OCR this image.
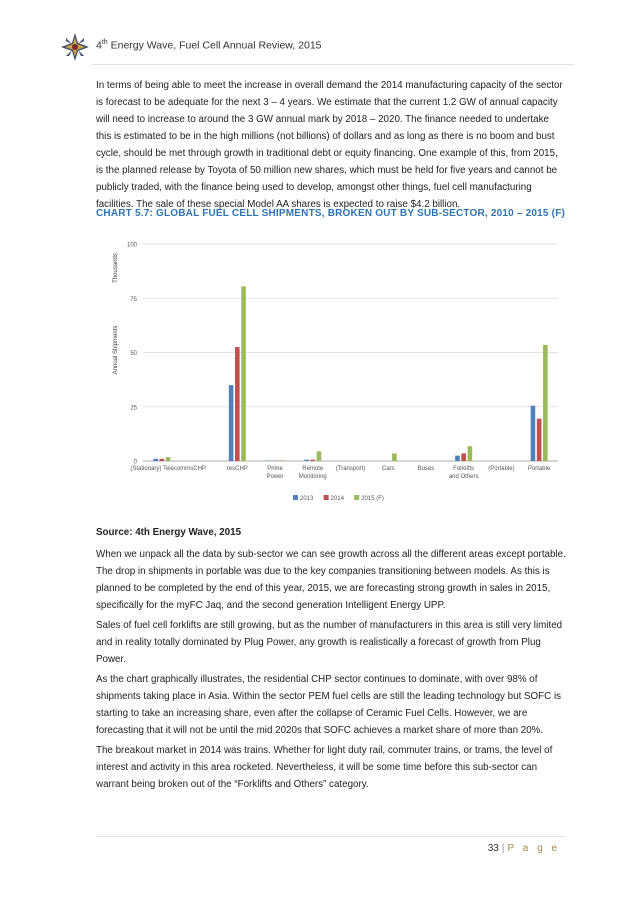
4th Energy Wave, Fuel Cell Annual Review, 2015
In terms of being able to meet the increase in overall demand the 2014 manufacturing capacity of the sector is forecast to be adequate for the next 3 – 4 years. We estimate that the current 1.2 GW of annual capacity will need to increase to around the 3 GW annual mark by 2018 – 2020. The finance needed to undertake this is estimated to be in the high millions (not billions) of dollars and as long as there is no boom and bust cycle, should be met through growth in traditional debt or equity financing. One example of this, from 2015, is the planned release by Toyota of 50 million new shares, which must be held for five years and cannot be publicly traded, with the finance being used to develop, amongst other things, fuel cell manufacturing facilities. The sale of these special Model AA shares is expected to raise $4.2 billion.
CHART 5.7: GLOBAL FUEL CELL SHIPMENTS, BROKEN OUT BY SUB-SECTOR, 2010 – 2015 (F)
0
25
50
75
100
Thousands
Annual Shipments
(Stationary) Telecomms CHP	resCHP	Prime
Power
Remote
Monitoring
(Transport)	Cars	Buses	Forklifts
and Others
(Portable) Portable
2013	2014	2015 (F)
Source: 4th Energy Wave, 2015
When we unpack all the data by sub-sector we can see growth across all the different areas except portable. The drop in shipments in portable was due to the key companies transitioning between models. As this is planned to be completed by the end of this year, 2015, we are forecasting strong growth in sales in 2015, specifically for the myFC Jaq, and the second generation Intelligent Energy UPP.
Sales of fuel cell forklifts are still growing, but as the number of manufacturers in this area is still very limited and in reality totally dominated by Plug Power, any growth is realistically a forecast of growth from Plug Power.
As the chart graphically illustrates, the residential CHP sector continues to dominate, with over 98% of shipments taking place in Asia. Within the sector PEM fuel cells are still the leading technology but SOFC is starting to take an increasing share, even after the collapse of Ceramic Fuel Cells. However, we are forecasting that it will not be until the mid 2020s that SOFC achieves a market share of more than 20%.
The breakout market in 2014 was trains. Whether for light duty rail, commuter trains, or trams, the level of interest and activity in this area rocketed. Nevertheless, it will be some time before this sub-sector can warrant being broken out of the “Forklifts and Others” category.
33 | P a g e
